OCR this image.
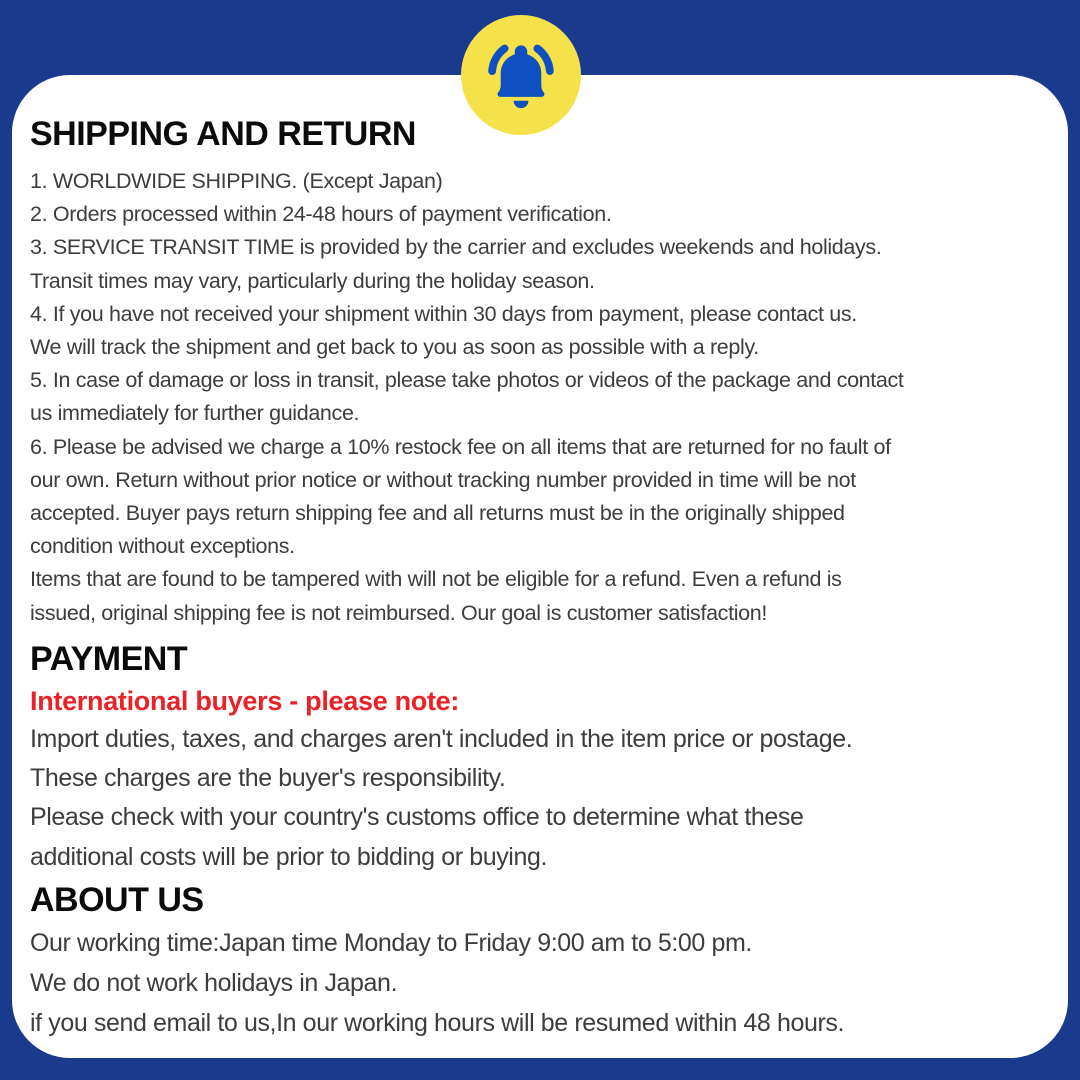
SHIPPING AND RETURN

1. WORLDWIDE SHIPPING. (Except Japan)

2. Orders processed within 24-48 hours of payment verification.

3. SERVICE TRANSIT TIME is provided by the carrier and excludes weekends and holidays.

Transit times may vary, particularly during the holiday season.

4. If you have not received your shipment within 30 days from payment, please contact us.

We will track the shipment and get back to you as soon as possible with a reply.

5. In case of damage or loss in transit, please take photos or videos of the package and contact

us immediately for further guidance.

6. Please be advised we charge a 10% restock fee on all items that are returned for no fault of

our own. Return without prior notice or without tracking number provided in time will be not

accepted. Buyer pays return shipping fee and all returns must be in the originally shipped

condition without exceptions.

Items that are found to be tampered with will not be eligible for a refund. Even a refund is

issued, original shipping fee is not reimbursed. Our goal is customer satisfaction!

PAYMENT

International buyers - please note:

Import duties, taxes, and charges aren't included in the item price or postage.

These charges are the buyer's responsibility.

Please check with your country's customs office to determine what these

additional costs will be prior to bidding or buying.

ABOUT US

Our working time:Japan time Monday to Friday 9:00 am to 5:00 pm.

We do not work holidays in Japan.

if you send email to us,In our working hours will be resumed within 48 hours.
